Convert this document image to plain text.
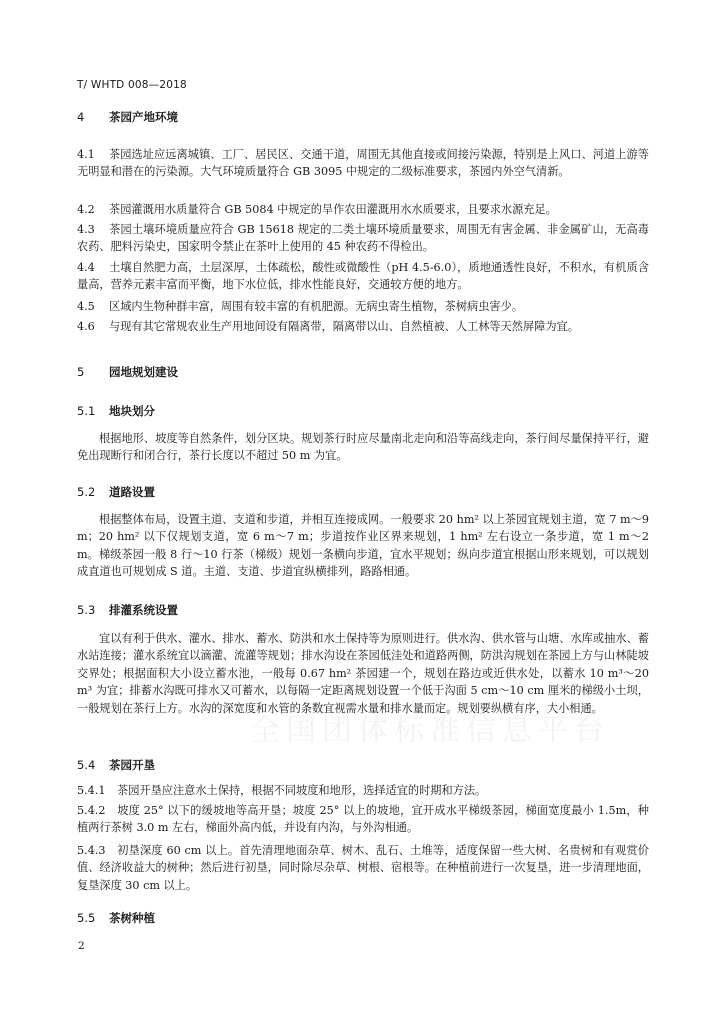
全国团体标准信息平台
T/ WHTD 008—2018
4 茶园产地环境
4.1 茶园选址应远离城镇、工厂、居民区、交通干道，周围无其他直接或间接污染源，特别是上风口、河道上游等无明显和潜在的污染源。大气环境质量符合 GB 3095 中规定的二级标准要求，茶园内外空气清新。
4.2 茶园灌溉用水质量符合 GB 5084 中规定的旱作农田灌溉用水水质要求，且要求水源充足。
4.3 茶园土壤环境质量应符合 GB 15618 规定的二类土壤环境质量要求，周围无有害金属、非金属矿山，无高毒农药、肥料污染史，国家明令禁止在茶叶上使用的 45 种农药不得检出。
4.4 土壤自然肥力高，土层深厚，土体疏松，酸性或微酸性（pH 4.5-6.0），质地通透性良好，不积水，有机质含量高，营养元素丰富而平衡，地下水位低，排水性能良好，交通较方便的地方。
4.5 区域内生物种群丰富，周围有较丰富的有机肥源。无病虫寄生植物，茶树病虫害少。
4.6 与现有其它常规农业生产用地间设有隔离带，隔离带以山、自然植被、人工林等天然屏障为宜。
5 园地规划建设
5.1 地块划分
根据地形、坡度等自然条件，划分区块。规划茶行时应尽量南北走向和沿等高线走向，茶行间尽量保持平行，避免出现断行和闭合行，茶行长度以不超过 50 m 为宜。
5.2 道路设置
根据整体布局，设置主道、支道和步道，并相互连接成网。一般要求 20 hm² 以上茶园宜规划主道，宽 7 m～9 m；20 hm² 以下仅规划支道，宽 6 m～7 m；步道按作业区界来规划，1 hm² 左右设立一条步道，宽 1 m～2 m。梯级茶园一般 8 行～10 行茶（梯级）规划一条横向步道，宜水平规划；纵向步道宜根据山形来规划，可以规划成直道也可规划成 S 道。主道、支道、步道宜纵横排列，路路相通。
5.3 排灌系统设置
宜以有利于供水、灌水、排水、蓄水、防洪和水土保持等为原则进行。供水沟、供水管与山塘、水库或抽水、蓄水站连接；灌水系统宜以滴灌、流灌等规划；排水沟设在茶园低洼处和道路两侧，防洪沟规划在茶园上方与山林陡坡交界处；根据面积大小设立蓄水池，一般每 0.67 hm² 茶园建一个，规划在路边或近供水处，以蓄水 10 m³～20 m³ 为宜；排蓄水沟既可排水又可蓄水，以每隔一定距离规划设置一个低于沟面 5 cm～10 cm 厘米的梯级小土坝，一般规划在茶行上方。水沟的深宽度和水管的条数宜视需水量和排水量而定。规划要纵横有序，大小相通。
5.4 茶园开垦
5.4.1 茶园开垦应注意水土保持，根据不同坡度和地形，选择适宜的时期和方法。
5.4.2 坡度 25° 以下的缓坡地等高开垦；坡度 25° 以上的坡地，宜开成水平梯级茶园，梯面宽度最小 1.5m，种植两行茶树 3.0 m 左右，梯面外高内低，并设有内沟，与外沟相通。
5.4.3 初垦深度 60 cm 以上。首先清理地面杂草、树木、乱石、土堆等，适度保留一些大树、名贵树和有观赏价值、经济收益大的树种；然后进行初垦，同时除尽杂草、树根、宿根等。在种植前进行一次复垦，进一步清理地面，复垦深度 30 cm 以上。
5.5 茶树种植
2
